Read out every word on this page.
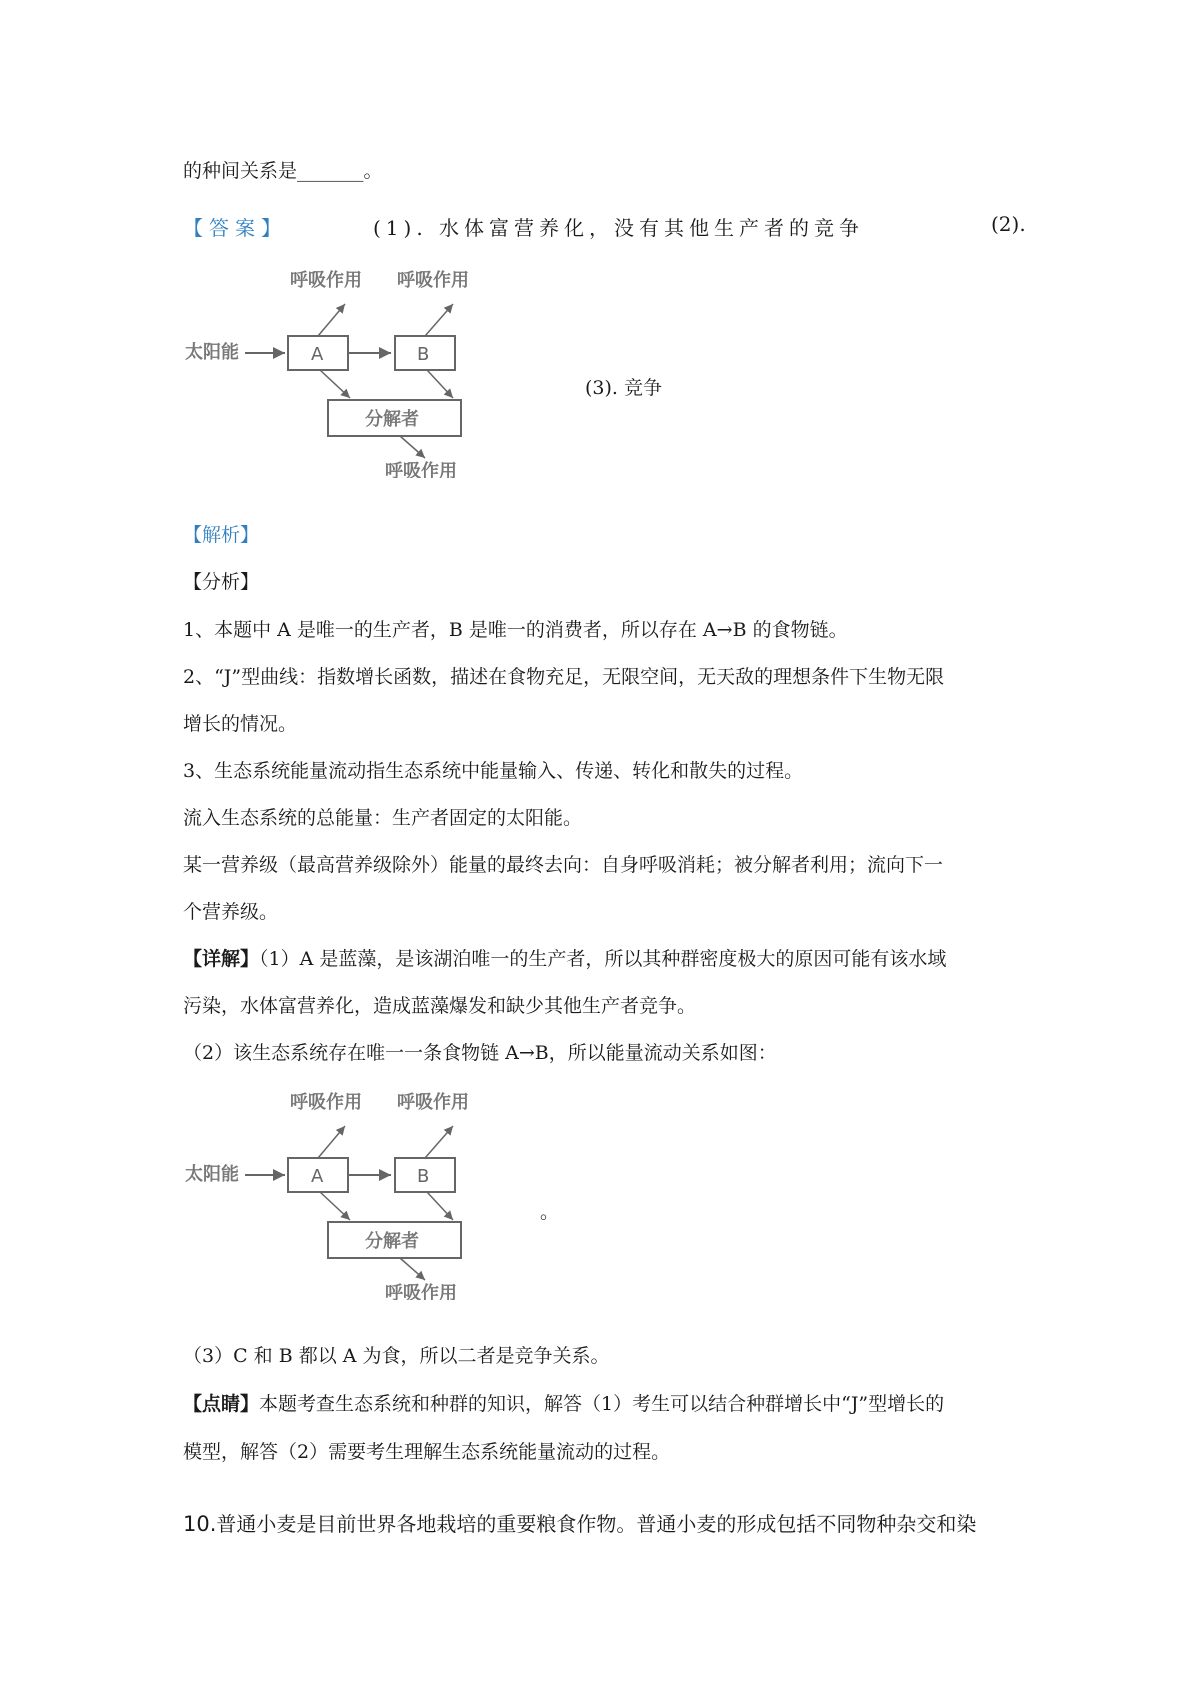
的种间关系是_______。
【答案】	(1). 水体富营养化，没有其他生产者的竞争	(2).
呼吸作用 呼吸作用
太阳能	A	B
分解者
呼吸作用
(3). 竞争
【解析】
【分析】
1、本题中 A 是唯一的生产者，B 是唯一的消费者，所以存在 A→B 的食物链。
2、“J”型曲线：指数增长函数，描述在食物充足，无限空间，无天敌的理想条件下生物无限
增长的情况。
3、生态系统能量流动指生态系统中能量输入、传递、转化和散失的过程。
流入生态系统的总能量：生产者固定的太阳能。
某一营养级（最高营养级除外）能量的最终去向：自身呼吸消耗；被分解者利用；流向下一
个营养级。
【详解】（1）A 是蓝藻，是该湖泊唯一的生产者，所以其种群密度极大的原因可能有该水域
污染，水体富营养化，造成蓝藻爆发和缺少其他生产者竞争。
（2）该生态系统存在唯一一条食物链 A→B，所以能量流动关系如图：
呼吸作用 呼吸作用
太阳能	A	B
分解者
呼吸作用
。
（3）C 和 B 都以 A 为食，所以二者是竞争关系。
【点睛】本题考查生态系统和种群的知识，解答（1）考生可以结合种群增长中“J”型增长的
模型，解答（2）需要考生理解生态系统能量流动的过程。
10.普通小麦是目前世界各地栽培的重要粮食作物。普通小麦的形成包括不同物种杂交和染
